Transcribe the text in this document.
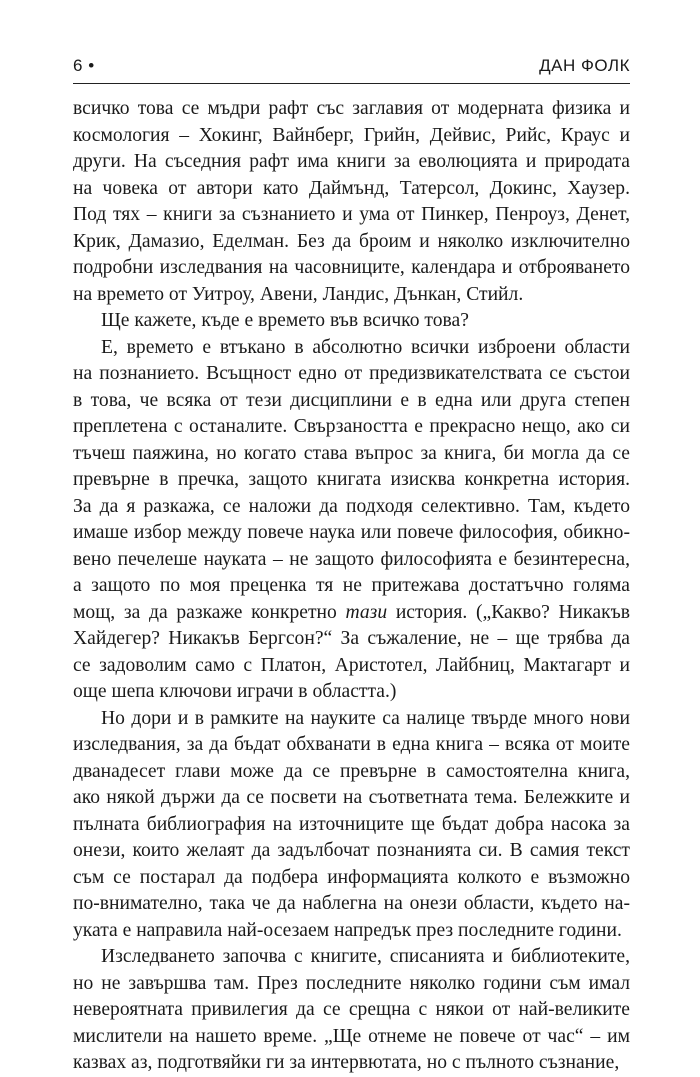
6 •	ДАН ФОЛК
всичко това се мъдри рафт със заглавия от модерната физика и
космология – Хокинг, Вайнберг, Грийн, Дейвис, Рийс, Краус и
други. На съседния рафт има книги за еволюцията и природата
на човека от автори като Даймънд, Татерсол, Докинс, Хаузер.
Под тях – книги за съзнанието и ума от Пинкер, Пенроуз, Денет,
Крик, Дамазио, Еделман. Без да броим и няколко изключително
подробни изследвания на часовниците, календара и отброяването
на времето от Уитроу, Авени, Ландис, Дънкан, Стийл.
Ще кажете, къде е времето във всичко това?
Е, времето е втъкано в абсолютно всички изброени области
на познанието. Всъщност едно от предизвикателствата се състои
в това, че всяка от тези дисциплини е в една или друга степен
преплетена с останалите. Свързаността е прекрасно нещо, ако си
тъчеш паяжина, но когато става въпрос за книга, би могла да се
превърне в пречка, защото книгата изисква конкретна история.
За да я разкажа, се наложи да подходя селективно. Там, където
имаше избор между повече наука или повече философия, обикно-
вено печелеше науката – не защото философията е безинтересна,
а защото по моя преценка тя не притежава достатъчно голяма
мощ, за да разкаже конкретно тази история. („Какво? Никакъв
Хайдегер? Никакъв Бергсон?“ За съжаление, не – ще трябва да
се задоволим само с Платон, Аристотел, Лайбниц, Мактагарт и
още шепа ключови играчи в областта.)
Но дори и в рамките на науките са налице твърде много нови
изследвания, за да бъдат обхванати в една книга – всяка от моите
дванадесет глави може да се превърне в самостоятелна книга,
ако някой държи да се посвети на съответната тема. Бележките и
пълната библиография на източниците ще бъдат добра насока за
онези, които желаят да задълбочат познанията си. В самия текст
съм се постарал да подбера информацията колкото е възможно
по-внимателно, така че да наблегна на онези области, където на-
уката е направила най-осезаем напредък през последните години.
Изследването започва с книгите, списанията и библиотеките,
но не завършва там. През последните няколко години съм имал
невероятната привилегия да се срещна с някои от най-великите
мислители на нашето време. „Ще отнеме не повече от час“ – им
казвах аз, подготвяйки ги за интервютата, но с пълното съзнание,
